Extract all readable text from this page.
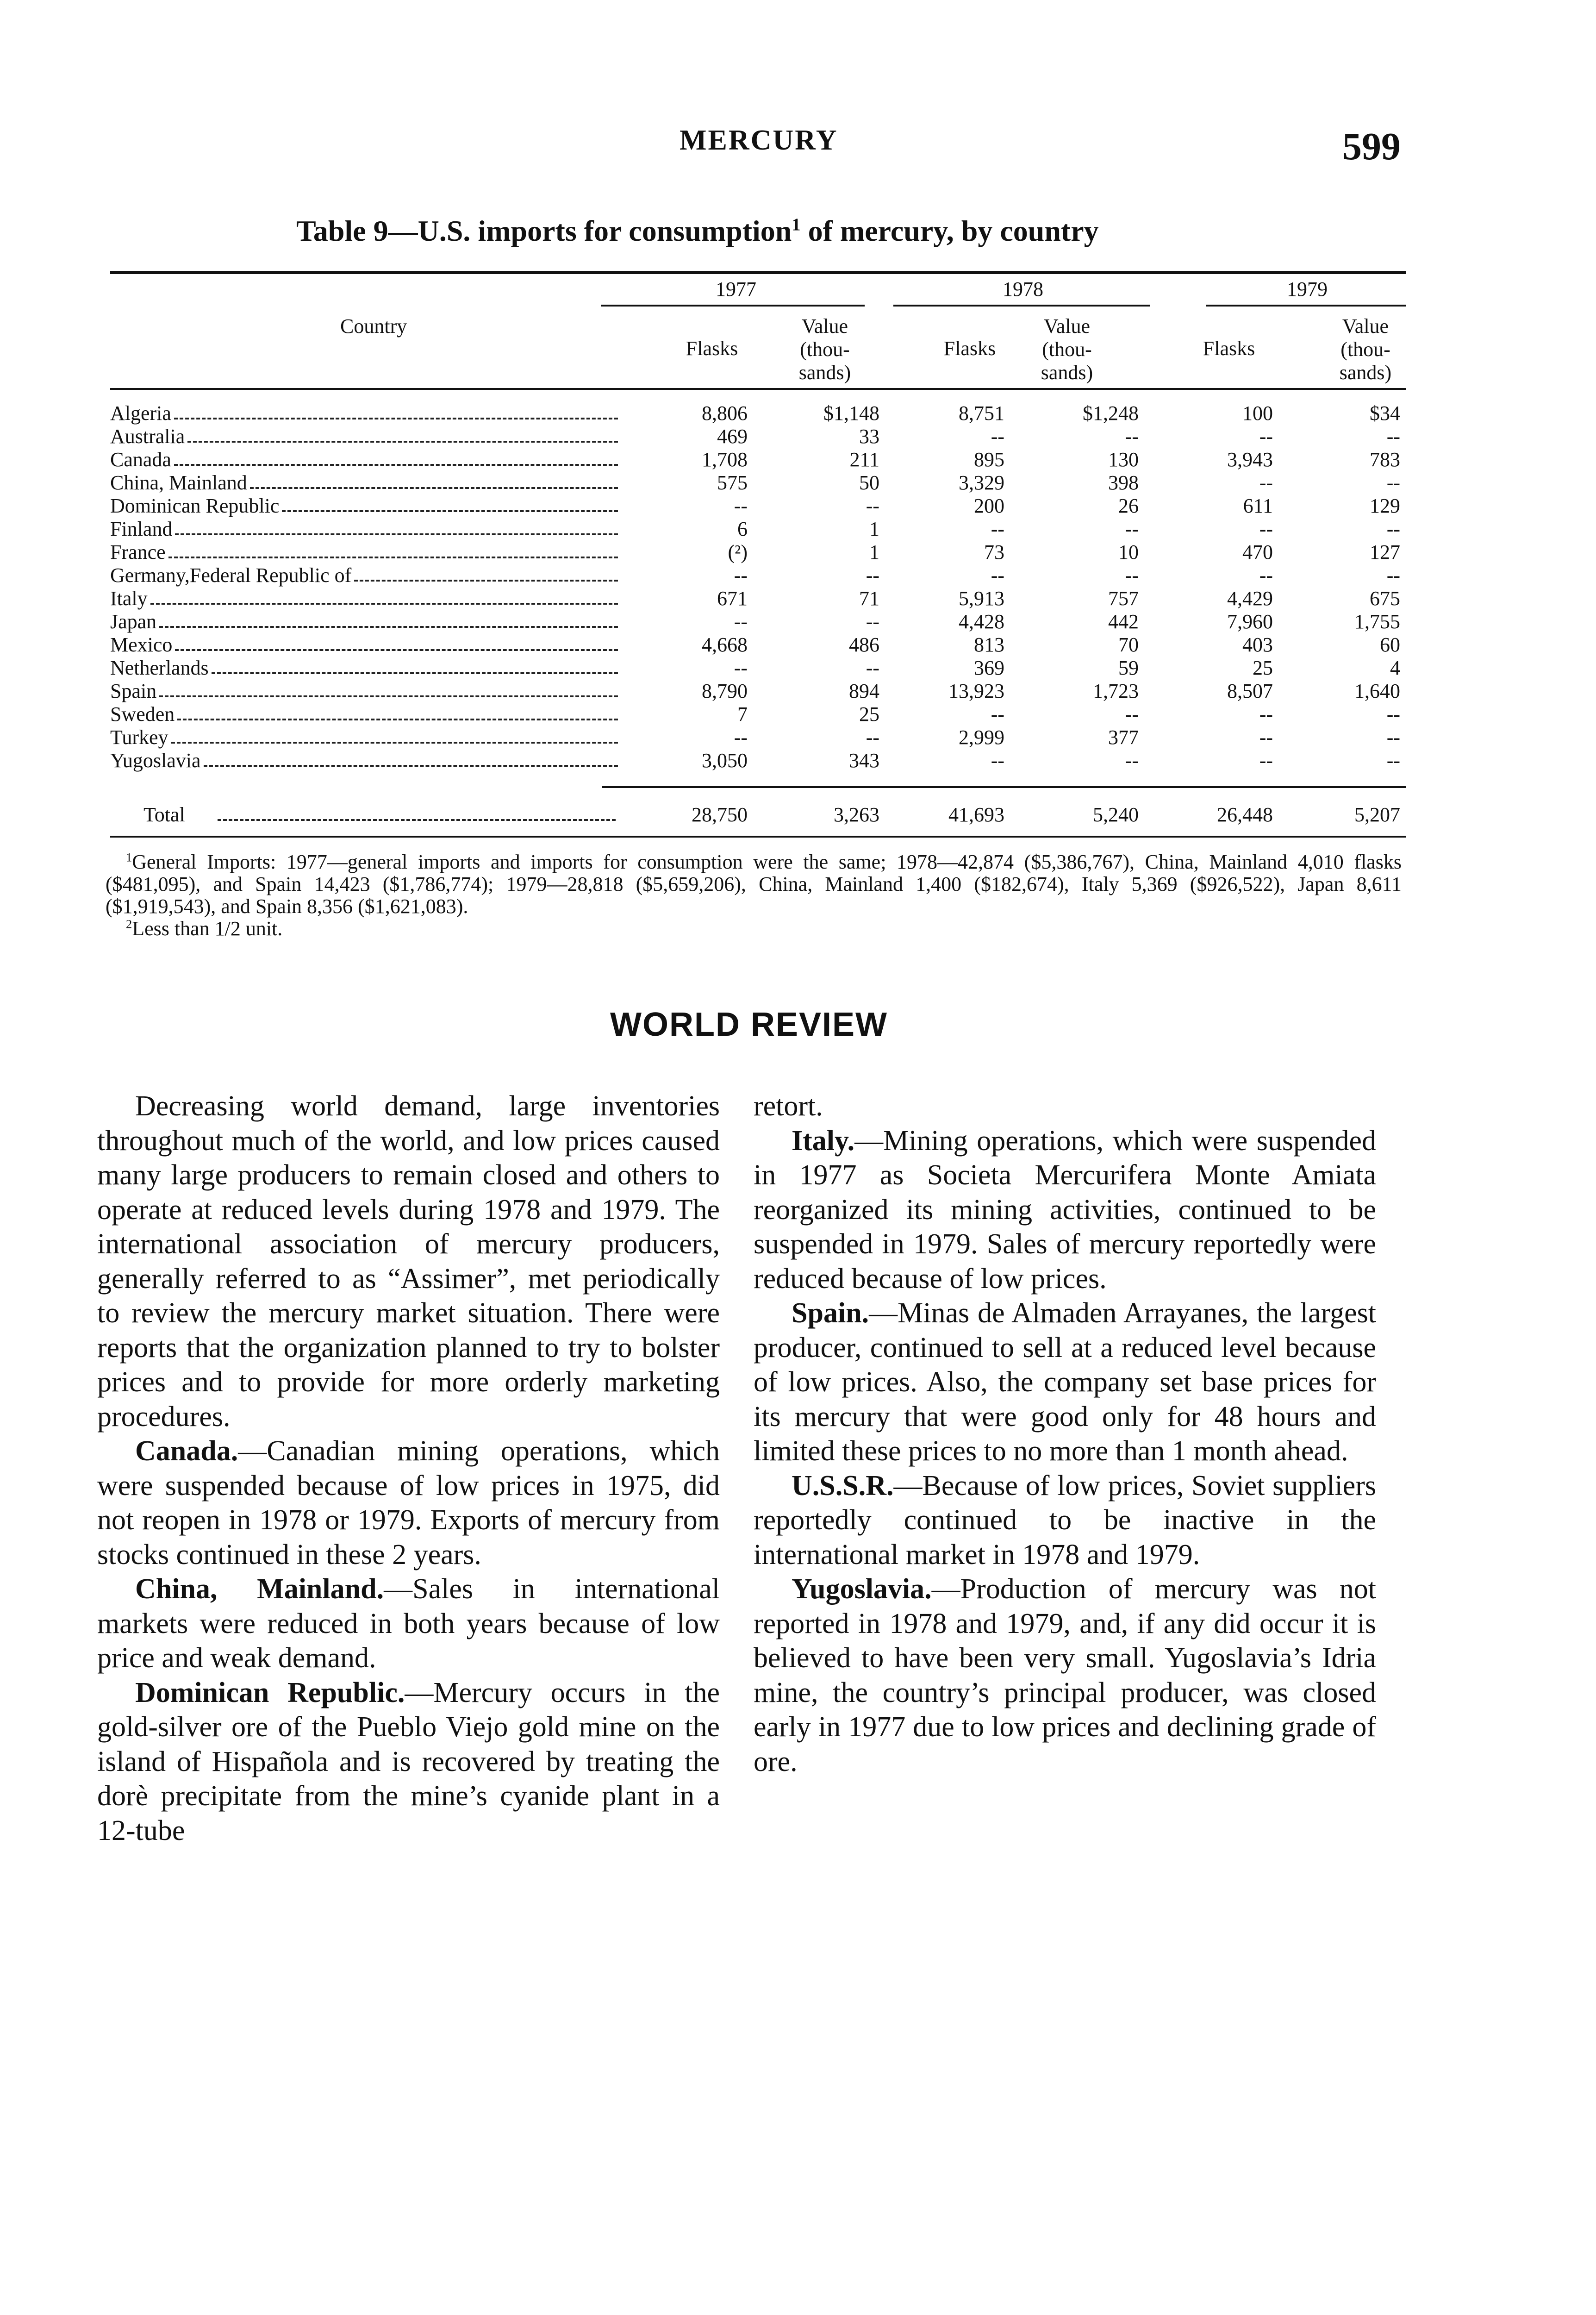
MERCURY	599
Table 9—U.S. imports for consumption$^1$ of mercury, by country
1977	1978	1979
Country
Flasks
Value
(thou-
sands)
Flasks
Value
(thou-
sands)
Flasks
Value
(thou-
sands)
Algeria	8,806	$1,148	8,751	$1,248	100	$34
Australia	469	33	--	--	--	--
Canada	1,708	211	895	130	3,943	783
China, Mainland	575	50	3,329	398	--	--
Dominican Republic	--	--	200	26	611	129
Finland	6	1	--	--	--	--
France	(²)	1	73	10	470	127
Germany,Federal Republic of	--	--	--	--	--	--
Italy	671	71	5,913	757	4,429	675
Japan	--	--	4,428	442	7,960	1,755
Mexico	4,668	486	813	70	403	60
Netherlands	--	--	369	59	25	4
Spain	8,790	894	13,923	1,723	8,507	1,640
Sweden	7	25	--	--	--	--
Turkey	--	--	2,999	377	--	--
Yugoslavia	3,050	343	--	--	--	--
Total	28,750	3,263	41,693	5,240	26,448	5,207

$^1$General Imports: 1977—general imports and imports for consumption were the same; 1978—42,874 ($5,386,767), China, Mainland 4,010 flasks ($481,095), and Spain 14,423 ($1,786,774); 1979—28,818 ($5,659,206), China, Mainland 1,400 ($182,674), Italy 5,369 ($926,522), Japan 8,611 ($1,919,543), and Spain 8,356 ($1,621,083).

$^2$Less than 1/2 unit.

WORLD REVIEW

Decreasing world demand, large inventories throughout much of the world, and low prices caused many large producers to remain closed and others to operate at reduced levels during 1978 and 1979. The international association of mercury producers, generally referred to as “Assimer”, met periodically to review the mercury market situation. There were reports that the organization planned to try to bolster prices and to provide for more orderly marketing procedures.

Canada.—Canadian mining operations, which were suspended because of low prices in 1975, did not reopen in 1978 or 1979. Exports of mercury from stocks continued in these 2 years.

China, Mainland.—Sales in international markets were reduced in both years because of low price and weak demand.

Dominican Republic.—Mercury occurs in the gold-silver ore of the Pueblo Viejo gold mine on the island of Hispañola and is recovered by treating the dorè precipitate from the mine’s cyanide plant in a 12-tube

retort.

Italy.—Mining operations, which were suspended in 1977 as Societa Mercurifera Monte Amiata reorganized its mining activities, continued to be suspended in 1979. Sales of mercury reportedly were reduced because of low prices.

Spain.—Minas de Almaden Arrayanes, the largest producer, continued to sell at a reduced level because of low prices. Also, the company set base prices for its mercury that were good only for 48 hours and limited these prices to no more than 1 month ahead.

U.S.S.R.—Because of low prices, Soviet suppliers reportedly continued to be inactive in the international market in 1978 and 1979.

Yugoslavia.—Production of mercury was not reported in 1978 and 1979, and, if any did occur it is believed to have been very small. Yugoslavia’s Idria mine, the country’s principal producer, was closed early in 1977 due to low prices and declining grade of ore.
